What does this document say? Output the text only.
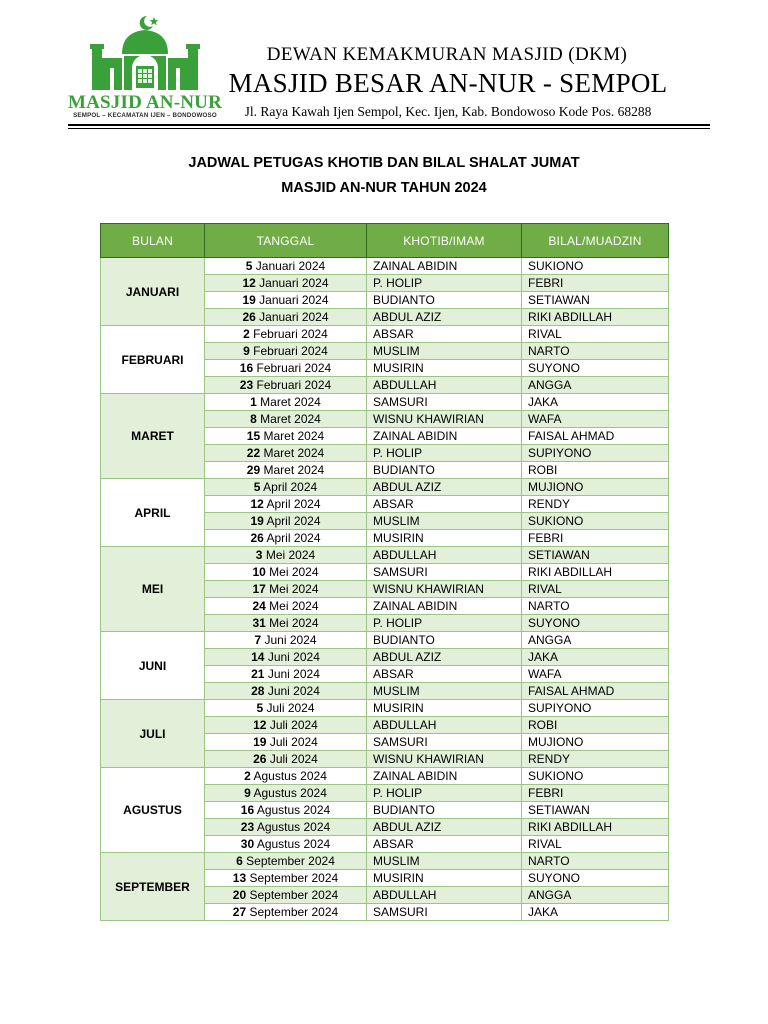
MASJID AN-NUR
SEMPOL – KECAMATAN IJEN – BONDOWOSO
DEWAN KEMAKMURAN MASJID (DKM)
MASJID BESAR AN-NUR - SEMPOL
Jl. Raya Kawah Ijen Sempol, Kec. Ijen, Kab. Bondowoso Kode Pos. 68288
JADWAL PETUGAS KHOTIB DAN BILAL SHALAT JUMAT
MASJID AN-NUR TAHUN 2024
BULAN	TANGGAL	KHOTIB/IMAM	BILAL/MUADZIN
JANUARI	5 Januari 2024	ZAINAL ABIDIN	SUKIONO
	12 Januari 2024	P. HOLIP	FEBRI
	19 Januari 2024	BUDIANTO	SETIAWAN
	26 Januari 2024	ABDUL AZIZ	RIKI ABDILLAH
FEBRUARI	2 Februari 2024	ABSAR	RIVAL
	9 Februari 2024	MUSLIM	NARTO
	16 Februari 2024	MUSIRIN	SUYONO
	23 Februari 2024	ABDULLAH	ANGGA
MARET	1 Maret 2024	SAMSURI	JAKA
	8 Maret 2024	WISNU KHAWIRIAN	WAFA
	15 Maret 2024	ZAINAL ABIDIN	FAISAL AHMAD
	22 Maret 2024	P. HOLIP	SUPIYONO
	29 Maret 2024	BUDIANTO	ROBI
APRIL	5 April 2024	ABDUL AZIZ	MUJIONO
	12 April 2024	ABSAR	RENDY
	19 April 2024	MUSLIM	SUKIONO
	26 April 2024	MUSIRIN	FEBRI
MEI	3 Mei 2024	ABDULLAH	SETIAWAN
	10 Mei 2024	SAMSURI	RIKI ABDILLAH
	17 Mei 2024	WISNU KHAWIRIAN	RIVAL
	24 Mei 2024	ZAINAL ABIDIN	NARTO
	31 Mei 2024	P. HOLIP	SUYONO
JUNI	7 Juni 2024	BUDIANTO	ANGGA
	14 Juni 2024	ABDUL AZIZ	JAKA
	21 Juni 2024	ABSAR	WAFA
	28 Juni 2024	MUSLIM	FAISAL AHMAD
JULI	5 Juli 2024	MUSIRIN	SUPIYONO
	12 Juli 2024	ABDULLAH	ROBI
	19 Juli 2024	SAMSURI	MUJIONO
	26 Juli 2024	WISNU KHAWIRIAN	RENDY
AGUSTUS	2 Agustus 2024	ZAINAL ABIDIN	SUKIONO
	9 Agustus 2024	P. HOLIP	FEBRI
	16 Agustus 2024	BUDIANTO	SETIAWAN
	23 Agustus 2024	ABDUL AZIZ	RIKI ABDILLAH
	30 Agustus 2024	ABSAR	RIVAL
SEPTEMBER	6 September 2024	MUSLIM	NARTO
	13 September 2024	MUSIRIN	SUYONO
	20 September 2024	ABDULLAH	ANGGA
	27 September 2024	SAMSURI	JAKA
